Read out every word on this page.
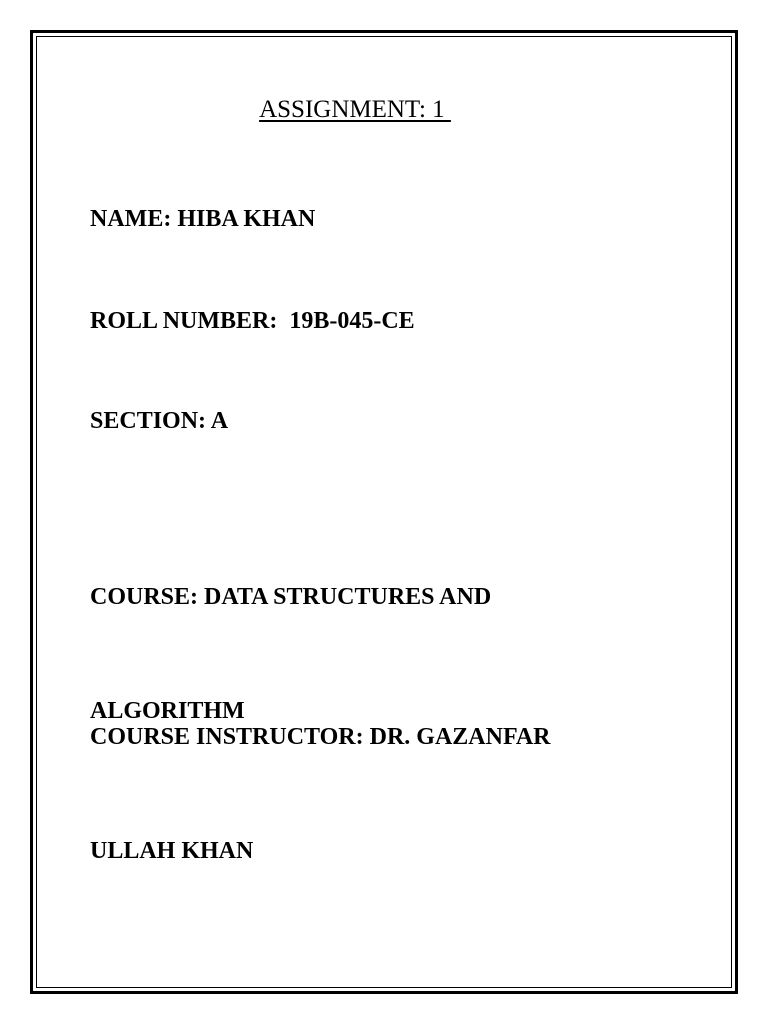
ASSIGNMENT: 1

NAME: HIBA KHAN

ROLL NUMBER:  19B-045-CE

SECTION: A

COURSE: DATA STRUCTURES AND

ALGORITHM

COURSE INSTRUCTOR: DR. GAZANFAR

ULLAH KHAN
